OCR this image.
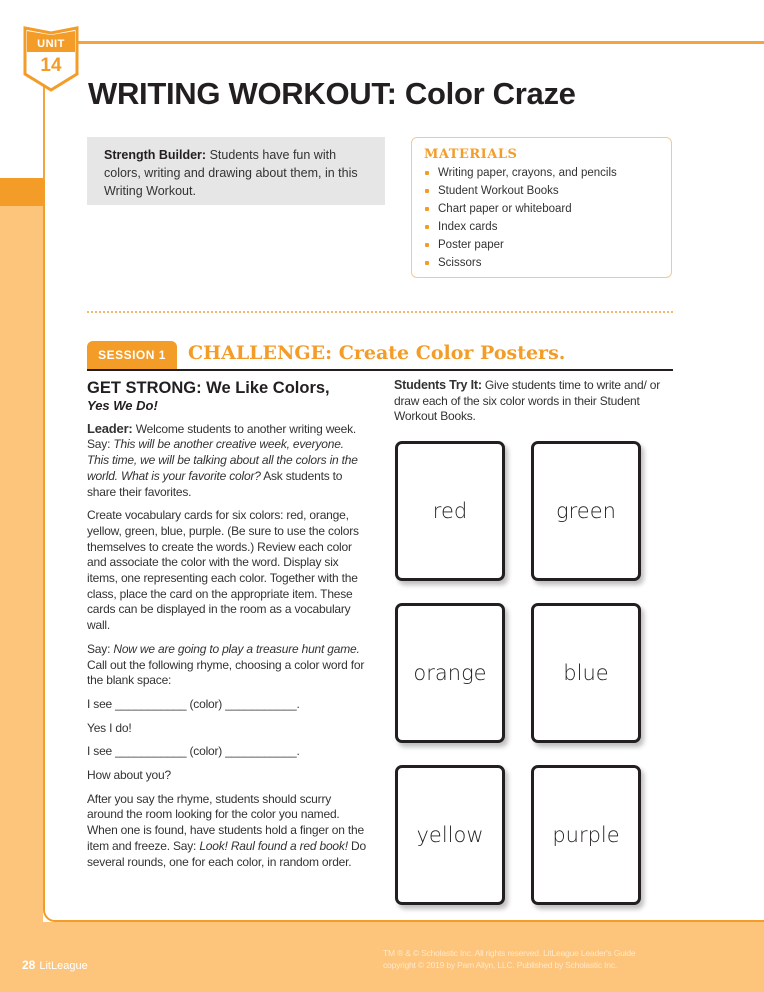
UNIT
14
WRITING WORKOUT: Color Craze
Strength Builder: Students have fun with colors, writing and drawing about them, in this Writing Workout.
MATERIALS
Writing paper, crayons, and pencils
Student Workout Books
Chart paper or whiteboard
Index cards
Poster paper
Scissors
SESSION 1	CHALLENGE: Create Color Posters.
GET STRONG: We Like Colors,
Yes We Do!

Leader: Welcome students to another writing week. Say: This will be another creative week, everyone. This time, we will be talking about all the colors in the world. What is your favorite color? Ask students to share their favorites.

Create vocabulary cards for six colors: red, orange, yellow, green, blue, purple. (Be sure to use the colors themselves to create the words.) Review each color and associate the color with the word. Display six items, one representing each color. Together with the class, place the card on the appropriate item. These cards can be displayed in the room as a vocabulary wall.

Say: Now we are going to play a treasure hunt game. Call out the following rhyme, choosing a color word for the blank space:

I see ___________ (color) ___________.

Yes I do!

I see ___________ (color) ___________.

How about you?

After you say the rhyme, students should scurry around the room looking for the color you named. When one is found, have students hold a finger on the item and freeze. Say: Look! Raul found a red book! Do several rounds, one for each color, in random order.

Students Try It: Give students time to write and/ or draw each of the six color words in their Student Workout Books.
red	green
orange	blue
yellow	purple
28 LitLeague
TM ® & © Scholastic Inc. All rights reserved. LitLeague Leader's Guide
copyright © 2019 by Pam Allyn, LLC. Published by Scholastic Inc.
